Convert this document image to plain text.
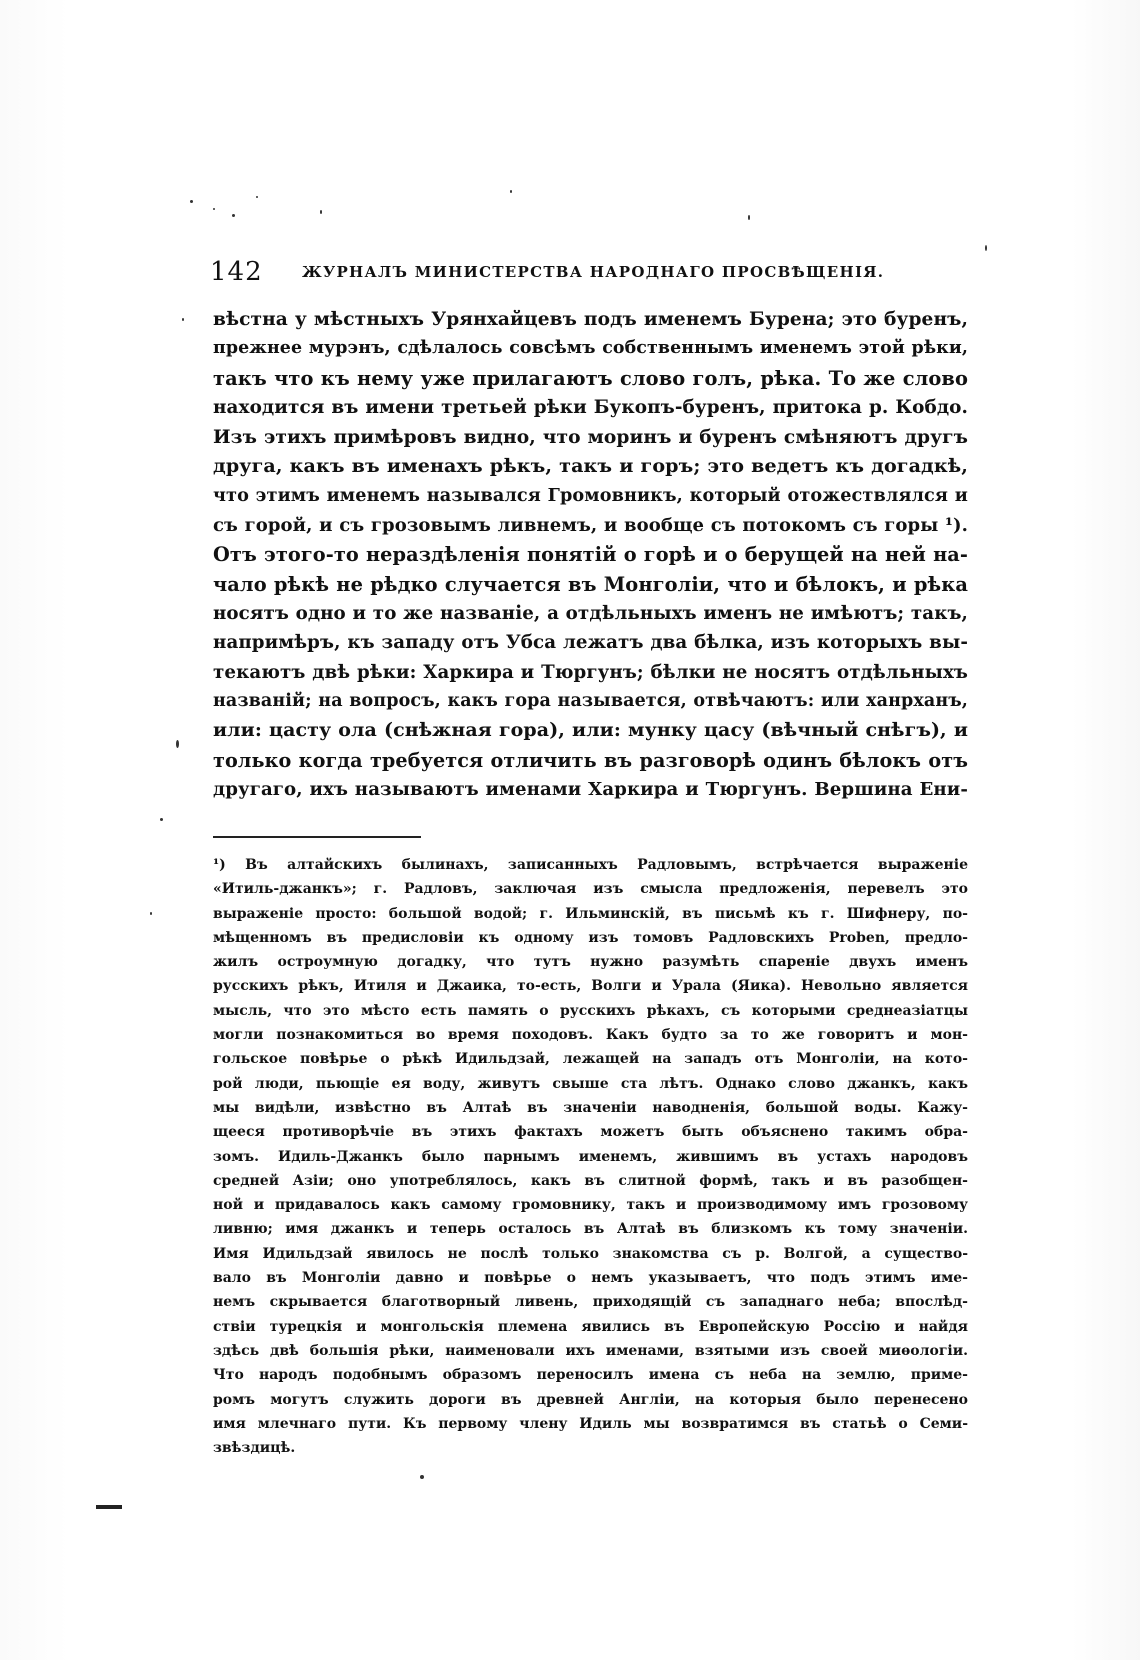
142	ЖУРНАЛЪ МИНИСТЕРСТВА НАРОДНАГО ПРОСВѢЩЕНІЯ.
вѣстна у мѣстныхъ Урянхайцевъ подъ именемъ Бурена; это буренъ,
прежнее мурэнъ, сдѣлалось совсѣмъ собственнымъ именемъ этой рѣки,
такъ что къ нему уже прилагаютъ слово голъ, рѣка. То же слово
находится въ имени третьей рѣки Букопъ-буренъ, притока р. Кобдо.
Изъ этихъ примѣровъ видно, что моринъ и буренъ смѣняютъ другъ
друга, какъ въ именахъ рѣкъ, такъ и горъ; это ведетъ къ догадкѣ,
что этимъ именемъ назывался Громовникъ, который отожествлялся и
съ горой, и съ грозовымъ ливнемъ, и вообще съ потокомъ съ горы ¹).
Отъ этого-то нераздѣленія понятій о горѣ и о берущей на ней на-
чало рѣкѣ не рѣдко случается въ Монголіи, что и бѣлокъ, и рѣка
носятъ одно и то же названіе, а отдѣльныхъ именъ не имѣютъ; такъ,
напримѣръ, къ западу отъ Убса лежатъ два бѣлка, изъ которыхъ вы-
текаютъ двѣ рѣки: Харкира и Тюргунъ; бѣлки не носятъ отдѣльныхъ
названій; на вопросъ, какъ гора называется, отвѣчаютъ: или ханрханъ,
или: цасту ола (снѣжная гора), или: мунку цасу (вѣчный снѣгъ), и
только когда требуется отличить въ разговорѣ одинъ бѣлокъ отъ
другаго, ихъ называютъ именами Харкира и Тюргунъ. Вершина Ени-
¹) Въ алтайскихъ былинахъ, записанныхъ Радловымъ, встрѣчается выраженіе
«Итиль-джанкъ»; г. Радловъ, заключая изъ смысла предложенія, перевелъ это
выраженіе просто: большой водой; г. Ильминскій, въ письмѣ къ г. Шифнеру, по-
мѣщенномъ въ предисловіи къ одному изъ томовъ Радловскихъ Proben, предло-
жилъ остроумную догадку, что тутъ нужно разумѣть спареніе двухъ именъ
русскихъ рѣкъ, Итиля и Джаика, то-есть, Волги и Урала (Яика). Невольно является
мысль, что это мѣсто есть память о русскихъ рѣкахъ, съ которыми среднеазіатцы
могли познакомиться во время походовъ. Какъ будто за то же говоритъ и мон-
гольское повѣрье о рѣкѣ Идильдзай, лежащей на западъ отъ Монголіи, на кото-
рой люди, пьющіе ея воду, живутъ свыше ста лѣтъ. Однако слово джанкъ, какъ
мы видѣли, извѣстно въ Алтаѣ въ значеніи наводненія, большой воды. Кажу-
щееся противорѣчіе въ этихъ фактахъ можетъ быть объяснено такимъ обра-
зомъ. Идиль-Джанкъ было парнымъ именемъ, жившимъ въ устахъ народовъ
средней Азіи; оно употреблялось, какъ въ слитной формѣ, такъ и въ разобщен-
ной и придавалось какъ самому громовнику, такъ и производимому имъ грозовому
ливню; имя джанкъ и теперь осталось въ Алтаѣ въ близкомъ къ тому значеніи.
Имя Идильдзай явилось не послѣ только знакомства съ р. Волгой, а существо-
вало въ Монголіи давно и повѣрье о немъ указываетъ, что подъ этимъ име-
немъ скрывается благотворный ливень, приходящій съ западнаго неба; впослѣд-
ствіи турецкія и монгольскія племена явились въ Европейскую Россію и найдя
здѣсь двѣ большія рѣки, наименовали ихъ именами, взятыми изъ своей миѳологіи.
Что народъ подобнымъ образомъ переносилъ имена съ неба на землю, приме-
ромъ могутъ служить дороги въ древней Англіи, на которыя было перенесено
имя млечнаго пути. Къ первому члену Идиль мы возвратимся въ статьѣ о Семи-
звѣздицѣ.
